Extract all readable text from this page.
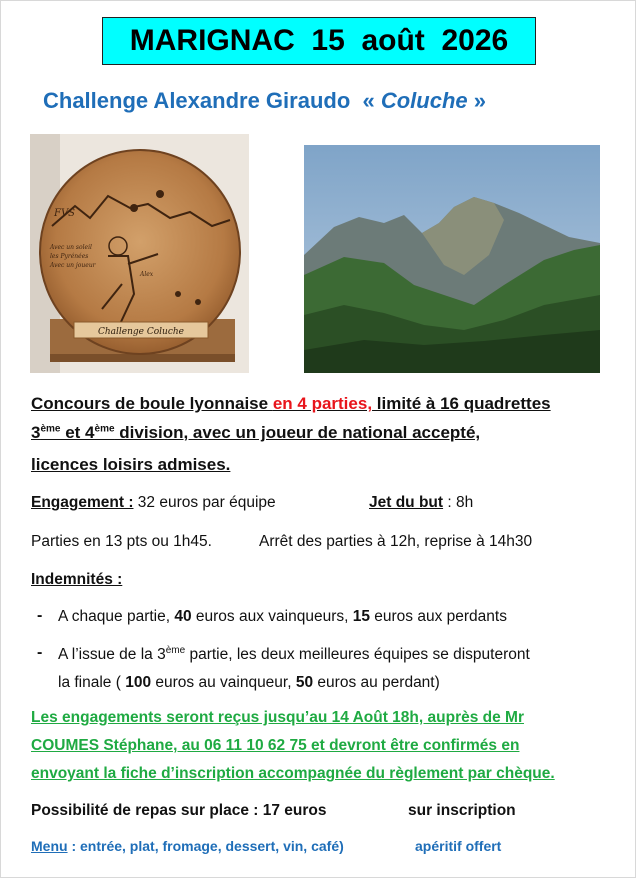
MARIGNAC  15  août  2026
Challenge Alexandre Giraudo  « Coluche »
FVS
Avec un soleil
les Pyrénées
Avec un joueur
Alex
Challenge Coluche
Concours de boule lyonnaise en 4 parties, limité à 16 quadrettes
3ème et 4ème division, avec un joueur de national accepté,
licences loisirs admises.
Engagement : 32 euros par équipe	Jet du but : 8h
Parties en 13 pts ou 1h45.	Arrêt des parties à 12h, reprise à 14h30
Indemnités :
- A chaque partie, 40 euros aux vainqueurs, 15 euros aux perdants
- A l’issue de la 3ème partie, les deux meilleures équipes se disputeront
la finale ( 100 euros au vainqueur, 50 euros au perdant)
Les engagements seront reçus jusqu’au 14 Août 18h, auprès de Mr
COUMES Stéphane, au 06 11 10 62 75 et devront être confirmés en
envoyant la fiche d’inscription accompagnée du règlement par chèque.
Possibilité de repas sur place : 17 euros	sur inscription
Menu : entrée, plat, fromage, dessert, vin, café)	apéritif offert
